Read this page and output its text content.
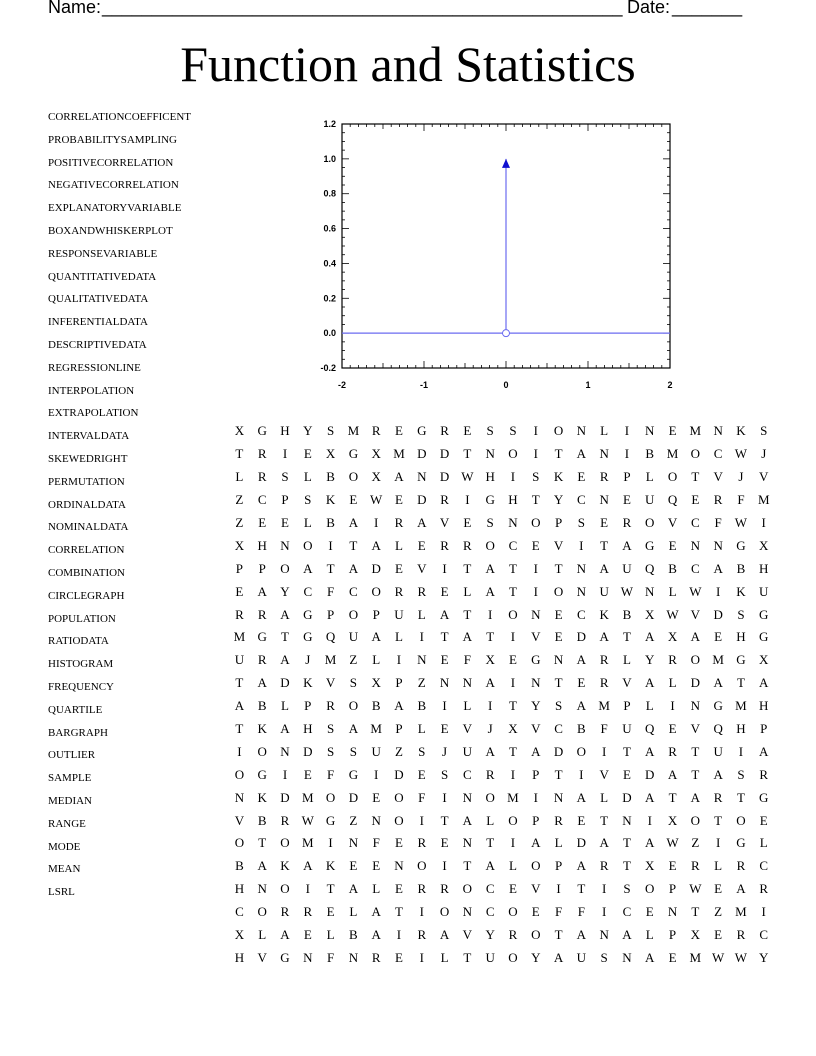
Name: ____________________________________________________ Date: _______
Function and Statistics
CORRELATIONCOEFFICENT
PROBABILITYSAMPLING
POSITIVECORRELATION
NEGATIVECORRELATION
EXPLANATORYVARIABLE
BOXANDWHISKERPLOT
RESPONSEVARIABLE
QUANTITATIVEDATA
QUALITATIVEDATA
INFERENTIALDATA
DESCRIPTIVEDATA
REGRESSIONLINE
INTERPOLATION
EXTRAPOLATION
INTERVALDATA
SKEWEDRIGHT
PERMUTATION
ORDINALDATA
NOMINALDATA
CORRELATION
COMBINATION
CIRCLEGRAPH
POPULATION
RATIODATA
HISTOGRAM
FREQUENCY
QUARTILE
BARGRAPH
OUTLIER
SAMPLE
MEDIAN
RANGE
MODE
MEAN
LSRL
-2	-1	0	1	2
-0.2
0.0
0.2
0.4
0.6
0.8
1.0
1.2
X	G	H	Y	S	M R	E	G	R	E	S	S	I	O	N	L	I	N	E	M N	K	S
T	R	I	E	X	G	X M D	D	T	N	O	I	T	A	N	I	B M O	C W	J
L	R	S	L	B	O	X	A	N	D W H	I	S	K	E	R	P	L	O	T	V	J	V
Z	C	P	S	K	E W E	D	R	I	G	H	T	Y	C	N	E	U	Q	E	R	F	M
Z	E	E	L	B	A	I	R	A	V	E	S	N	O	P	S	E	R	O	V	C	F	W	I
X	H	N	O	I	T	A	L	E	R	R	O	C	E	V	I	T	A	G	E	N	N	G	X
P	P	O	A	T	A	D	E	V	I	T	A	T	I	T	N	A	U	Q	B	C	A	B	H
E	A	Y	C	F	C	O	R	R	E	L	A	T	I	O	N	U W N	L W	I	K	U
R	R	A	G	P	O	P	U	L	A	T	I	O	N	E	C	K	B	X W V	D	S	G
M G	T	G	Q	U	A	L	I	T	A	T	I	V	E	D	A	T	A	X	A	E	H	G
U	R	A	J	M	Z	L	I	N	E	F	X	E	G	N	A	R	L	Y	R	O M G	X
T	A	D	K	V	S	X	P	Z	N	N	A	I	N	T	E	R	V	A	L	D	A	T	A
A	B	L	P	R	O	B	A	B	I	L	I	T	Y	S	A M	P	L	I	N	G M H
T	K	A	H	S	A M	P	L	E	V	J	X	V	C	B	F	U	Q	E	V	Q	H	P
I	O	N	D	S	S	U	Z	S	J	U	A	T	A	D	O	I	T	A	R	T	U	I	A
O	G	I	E	F	G	I	D	E	S	C	R	I	P	T	I	V	E	D	A	T	A	S	R
N	K	D M O	D	E	O	F	I	N	O M	I	N	A	L	D	A	T	A	R	T	G
V	B	R W G	Z	N	O	I	T	A	L	O	P	R	E	T	N	I	X	O	T	O	E
O	T	O M	I	N	F	E	R	E	N	T	I	A	L	D	A	T	A W Z	I	G	L
B	A	K	A	K	E	E	N	O	I	T	A	L	O	P	A	R	T	X	E	R	L	R	C
H	N	O	I	T	A	L	E	R	R	O	C	E	V	I	T	I	S	O	P	W E	A	R
C	O	R	R	E	L	A	T	I	O	N	C	O	E	F	F	I	C	E	N	T	Z	M	I
X	L	A	E	L	B	A	I	R	A	V	Y	R	O	T	A	N	A	L	P	X	E	R	C
H	V	G	N	F	N	R	E	I	L	T	U	O	Y	A	U	S	N	A	E	M W W Y
